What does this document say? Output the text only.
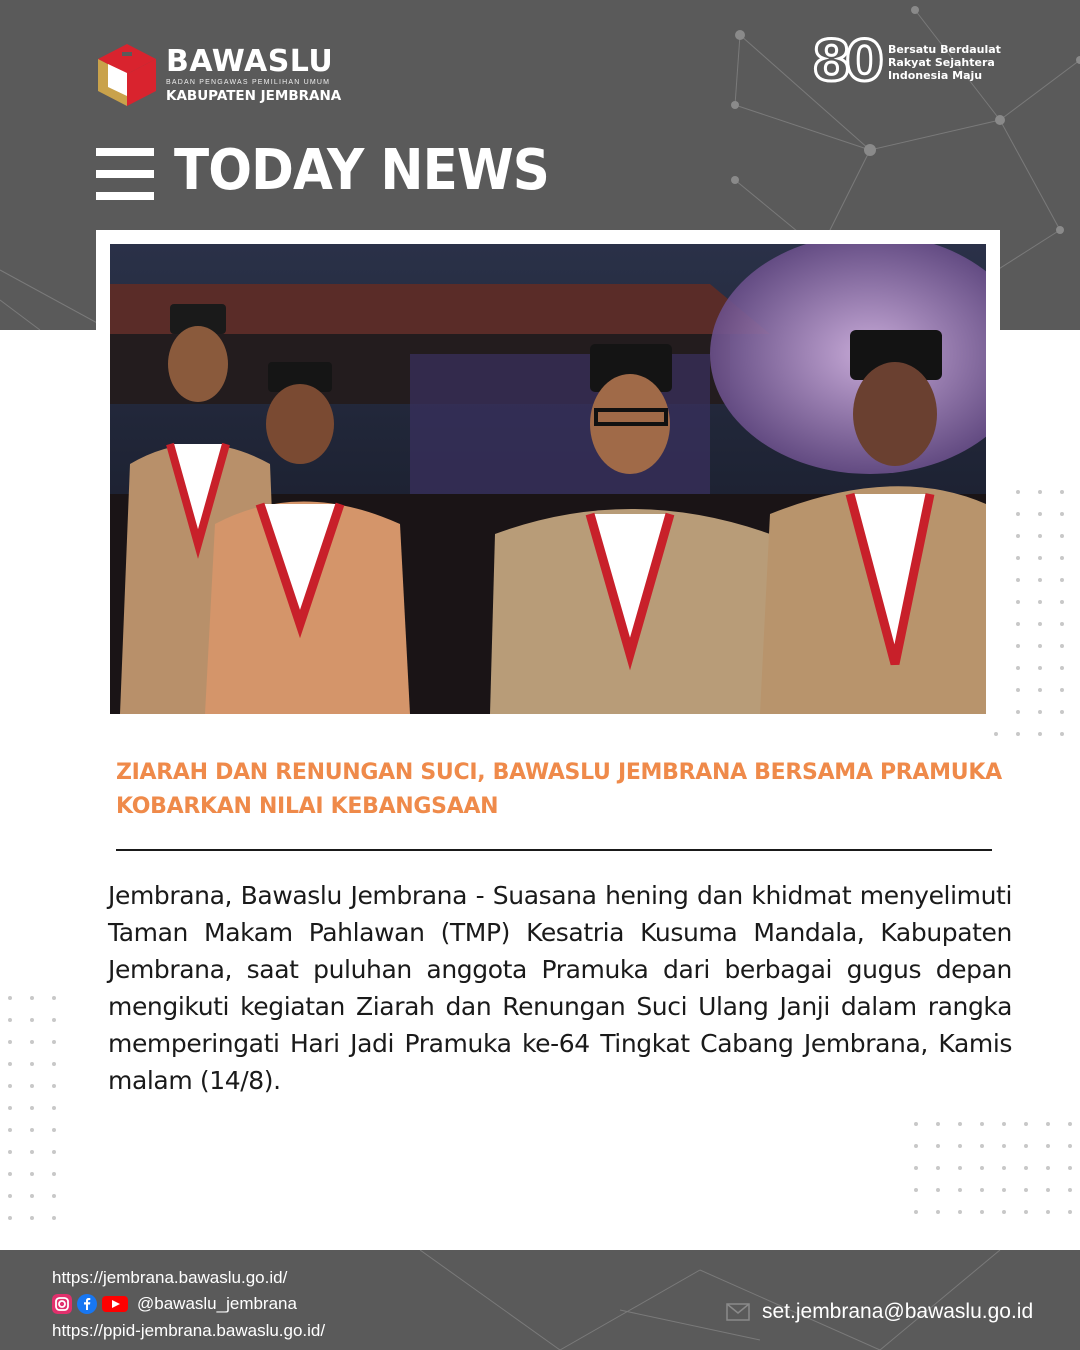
BAWASLU
BADAN PENGAWAS PEMILIHAN UMUM
KABUPATEN JEMBRANA
80 Bersatu Berdaulat
Rakyat Sejahtera
Indonesia Maju
TODAY NEWS
ZIARAH DAN RENUNGAN SUCI, BAWASLU JEMBRANA BERSAMA PRAMUKA KOBARKAN NILAI KEBANGSAAN
Jembrana, Bawaslu Jembrana - Suasana hening dan khidmat menyelimuti Taman Makam Pahlawan (TMP) Kesatria Kusuma Mandala, Kabupaten Jembrana, saat puluhan anggota Pramuka dari berbagai gugus depan mengikuti kegiatan Ziarah dan Renungan Suci Ulang Janji dalam rangka memperingati Hari Jadi Pramuka ke-64 Tingkat Cabang Jembrana, Kamis malam (14/8).
https://jembrana.bawaslu.go.id/
@bawaslu_jembrana
https://ppid-jembrana.bawaslu.go.id/
set.jembrana@bawaslu.go.id
